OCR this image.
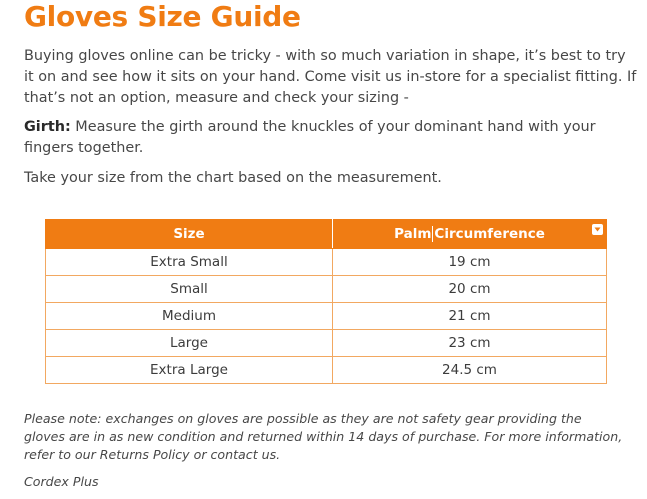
Gloves Size Guide

Buying gloves online can be tricky - with so much variation in shape, it’s best to try it on and see how it sits on your hand. Come visit us in-store for a specialist fitting. If that’s not an option, measure and check your sizing -

Girth: Measure the girth around the knuckles of your dominant hand with your fingers together.

Take your size from the chart based on the measurement.

Size	Palm Circumference

Extra Small	19 cm
Small	20 cm
Medium	21 cm
Large	23 cm
Extra Large	24.5 cm

Please note: exchanges on gloves are possible as they are not safety gear providing the gloves are in as new condition and returned within 14 days of purchase. For more information, refer to our Returns Policy or contact us.

Cordex Plus
